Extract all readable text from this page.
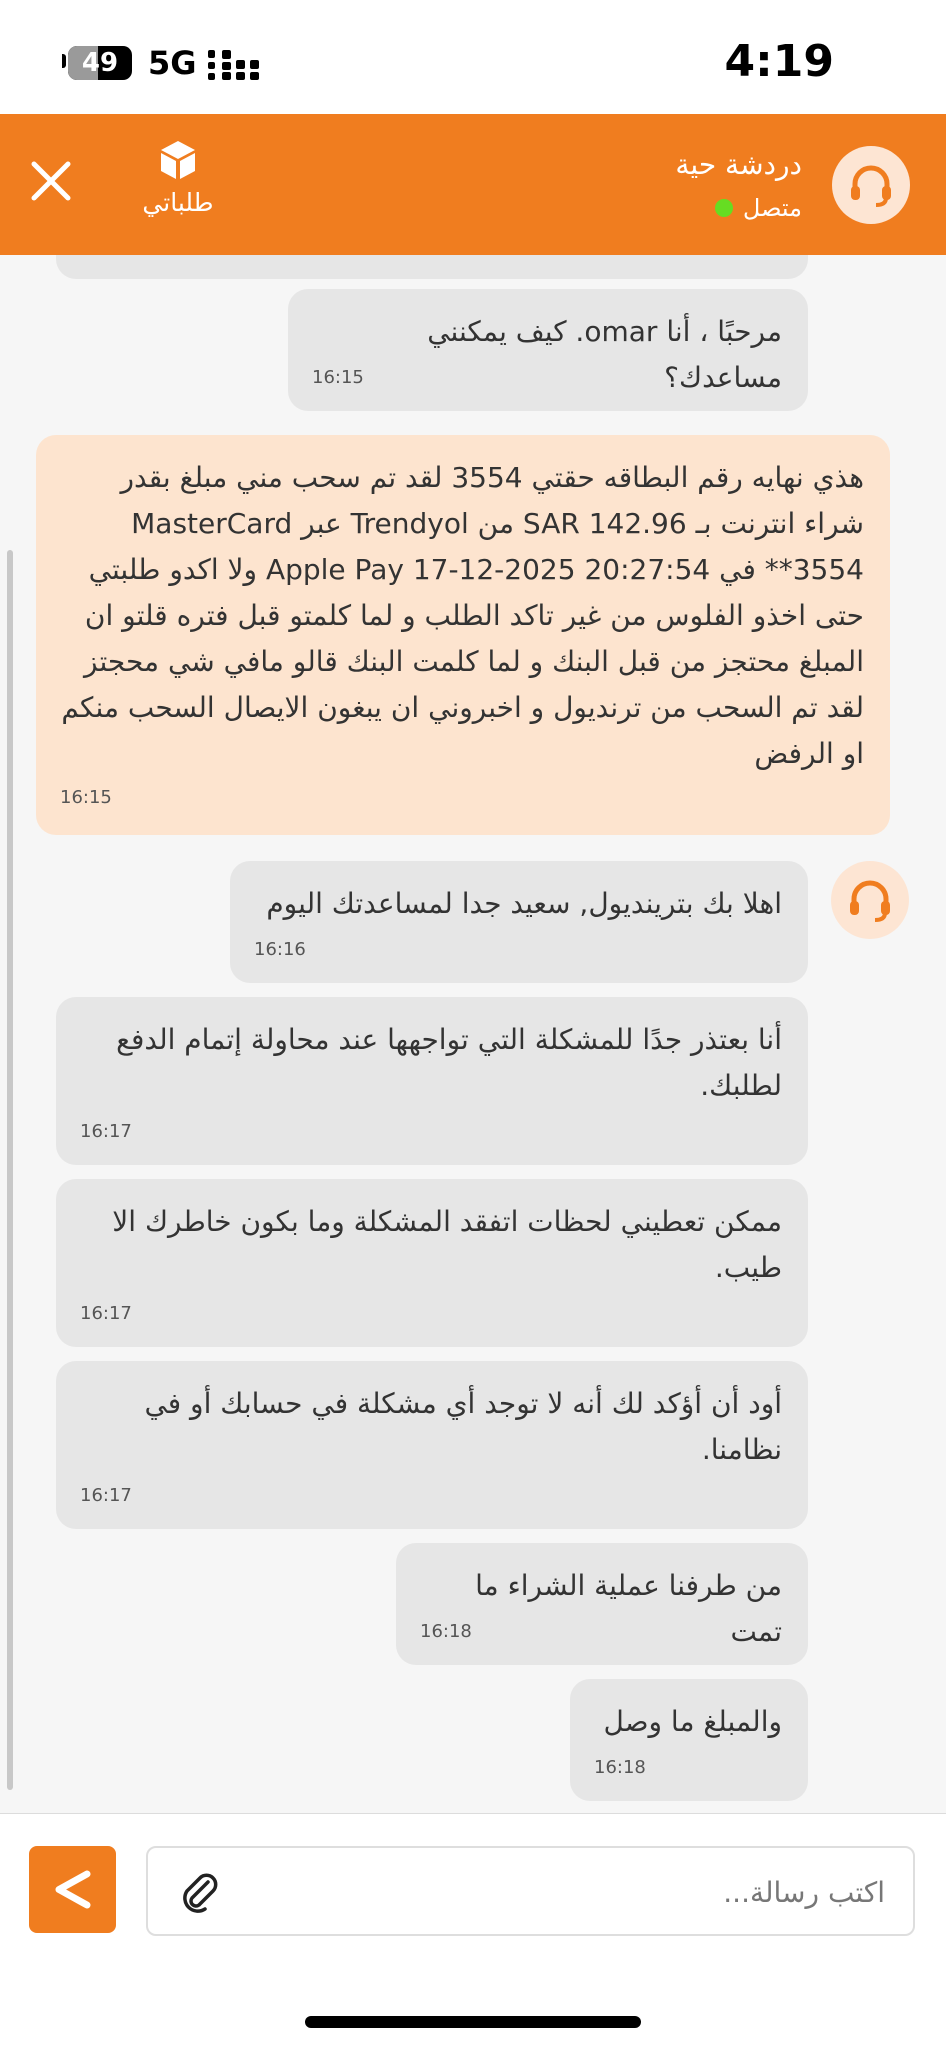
49 5G	4:19
طلباتي
دردشة حية
متصل
مرحبًا ، أنا omar. كيف يمكنني مساعدك؟
16:15
هذي نهايه رقم البطاقه حقتي 3554 لقد تم سحب مني مبلغ بقدر شراء انترنت بـ SAR 142.96 من Trendyol عبر MasterCard **3554 في Apple Pay 17-12-2025 20:27:54 ولا اكدو طلبتي حتى اخذو الفلوس من غير تاكد الطلب و لما كلمتو قبل فتره قلتو ان المبلغ محتجز من قبل البنك و لما كلمت البنك قالو مافي شي محجتز لقد تم السحب من ترنديول و اخبروني ان يبغون الايصال السحب منكم او الرفض
16:15
اهلا بك بترينديول, سعيد جدا لمساعدتك اليوم
16:16
أنا بعتذر جدًا للمشكلة التي تواجهها عند محاولة إتمام الدفع لطلبك.
16:17
ممكن تعطيني لحظات اتفقد المشكلة وما بكون خاطرك الا طيب.
16:17
أود أن أؤكد لك أنه لا توجد أي مشكلة في حسابك أو في نظامنا.
16:17
من طرفنا عملية الشراء ما تمت
16:18
والمبلغ ما وصل
16:18
اكتب رسالة...
